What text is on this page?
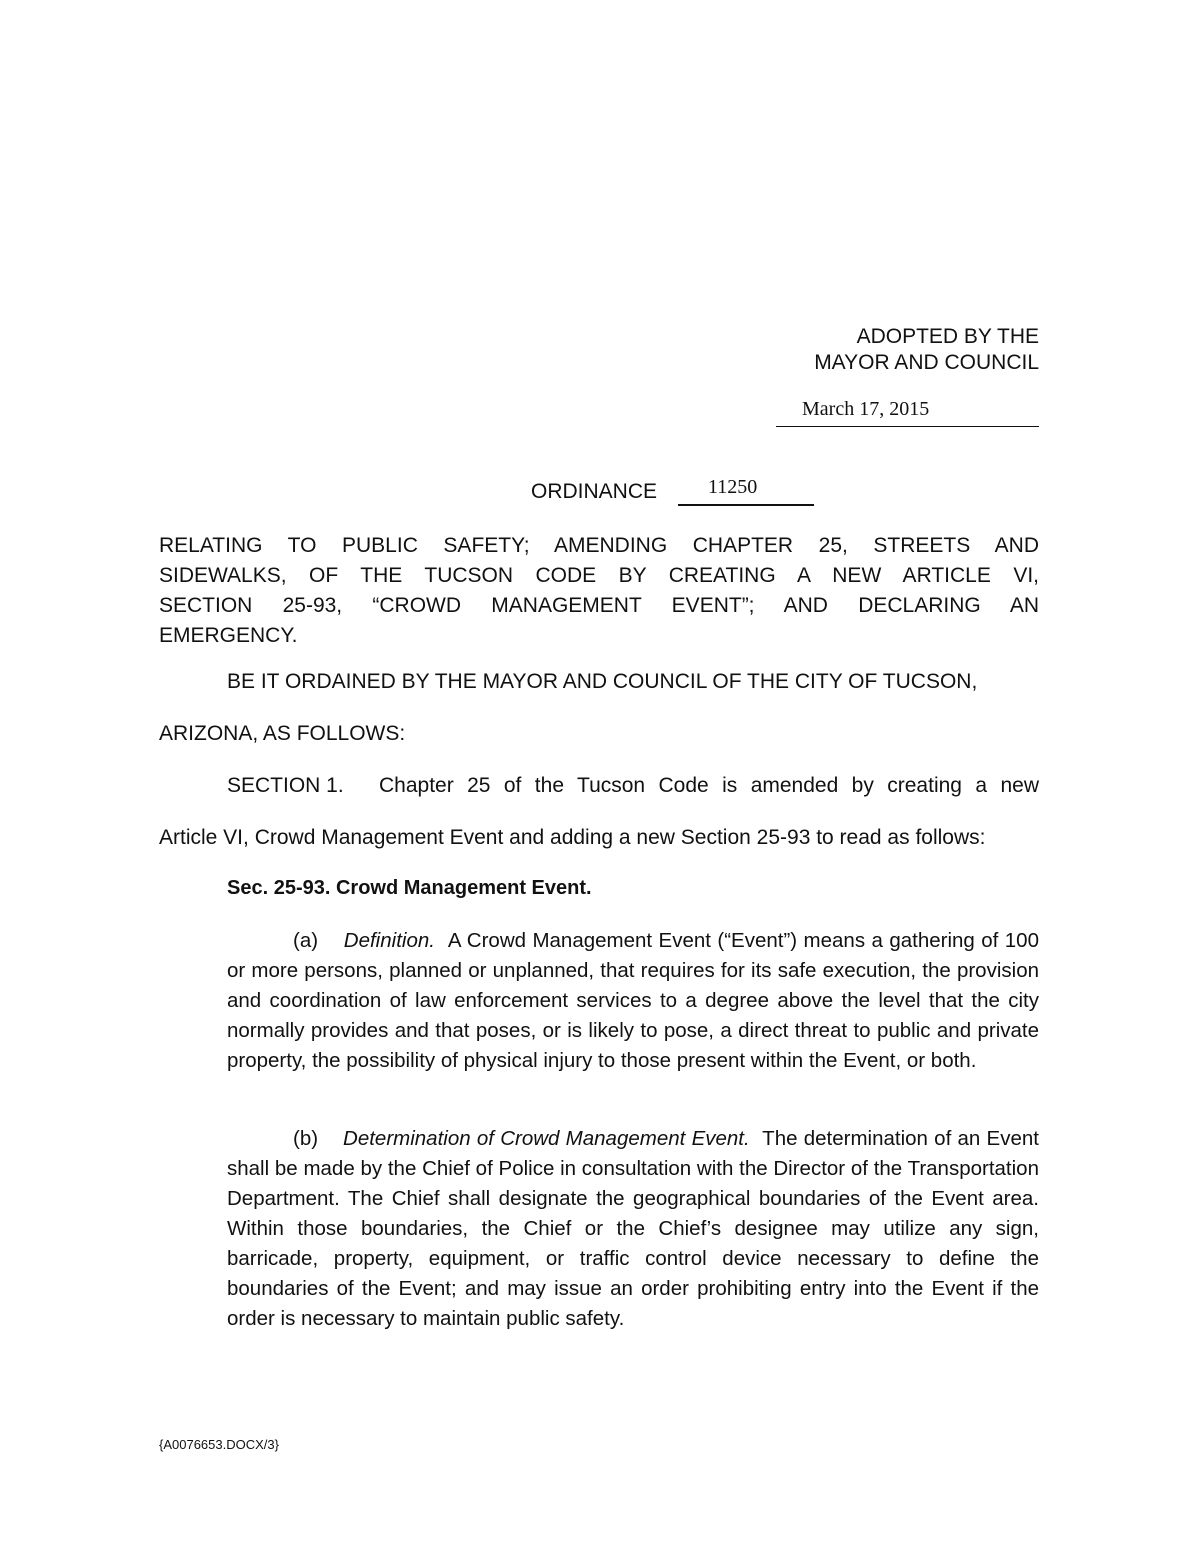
ADOPTED BY THE
MAYOR AND COUNCIL
March 17, 2015
ORDINANCE	11250
RELATING TO PUBLIC SAFETY; AMENDING CHAPTER 25, STREETS AND
SIDEWALKS, OF THE TUCSON CODE BY CREATING A NEW ARTICLE VI,
SECTION 25-93, “CROWD MANAGEMENT EVENT”; AND DECLARING AN
EMERGENCY.
BE IT ORDAINED BY THE MAYOR AND COUNCIL OF THE CITY OF TUCSON,
ARIZONA, AS FOLLOWS:
SECTION 1. Chapter 25 of the Tucson Code is amended by creating a new
Article VI, Crowd Management Event and adding a new Section 25-93 to read as follows:
Sec. 25-93. Crowd Management Event.
(a) Definition. A Crowd Management Event (“Event”) means a gathering of 100 or more persons, planned or unplanned, that requires for its safe execution, the provision and coordination of law enforcement services to a degree above the level that the city normally provides and that poses, or is likely to pose, a direct threat to public and private property, the possibility of physical injury to those present within the Event, or both.
(b) Determination of Crowd Management Event. The determination of an Event shall be made by the Chief of Police in consultation with the Director of the Transportation Department. The Chief shall designate the geographical boundaries of the Event area. Within those boundaries, the Chief or the Chief’s designee may utilize any sign, barricade, property, equipment, or traffic control device necessary to define the boundaries of the Event; and may issue an order prohibiting entry into the Event if the order is necessary to maintain public safety.
{A0076653.DOCX/3}
